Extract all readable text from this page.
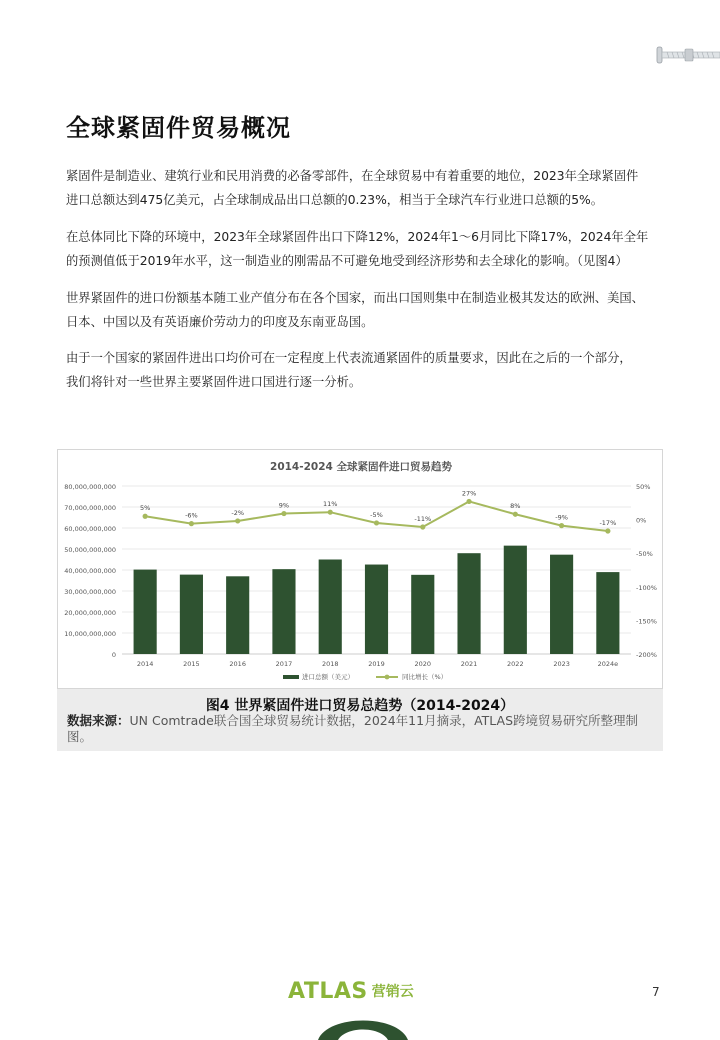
全球紧固件贸易概况

紧固件是制造业、建筑行业和民用消费的必备零部件，在全球贸易中有着重要的地位，2023年全球紧固件
进口总额达到475亿美元，占全球制成品出口总额的0.23%，相当于全球汽车行业进口总额的5%。

在总体同比下降的环境中，2023年全球紧固件出口下降12%，2024年1～6月同比下降17%，2024年全年
的预测值低于2019年水平，这一制造业的刚需品不可避免地受到经济形势和去全球化的影响。（见图4）

世界紧固件的进口份额基本随工业产值分布在各个国家，而出口国则集中在制造业极其发达的欧洲、美国、
日本、中国以及有英语廉价劳动力的印度及东南亚岛国。

由于一个国家的紧固件进出口均价可在一定程度上代表流通紧固件的质量要求，因此在之后的一个部分，
我们将针对一些世界主要紧固件进口国进行逐一分析。

2014-2024 全球紧固件进口贸易趋势
0
10,000,000,000
20,000,000,000
30,000,000,000
40,000,000,000
50,000,000,000
60,000,000,000
70,000,000,000
80,000,000,000
-200%
-150%
-100%
-50%
0%
50%
2014	2015	2016	2017	2018	2019	2020	2021	2022	2023	2024e
5%
-6%	-2%
9%	11%
-5%
-11%
27%
8%
-9%
-17%
进口总额（美元）	同比增长（%）
图4 世界紧固件进口贸易总趋势（2014-2024）
数据来源：UN Comtrade联合国全球贸易统计数据，2024年11月摘录，ATLAS跨境贸易研究所整理制图。
ATLAS 营销云	7
